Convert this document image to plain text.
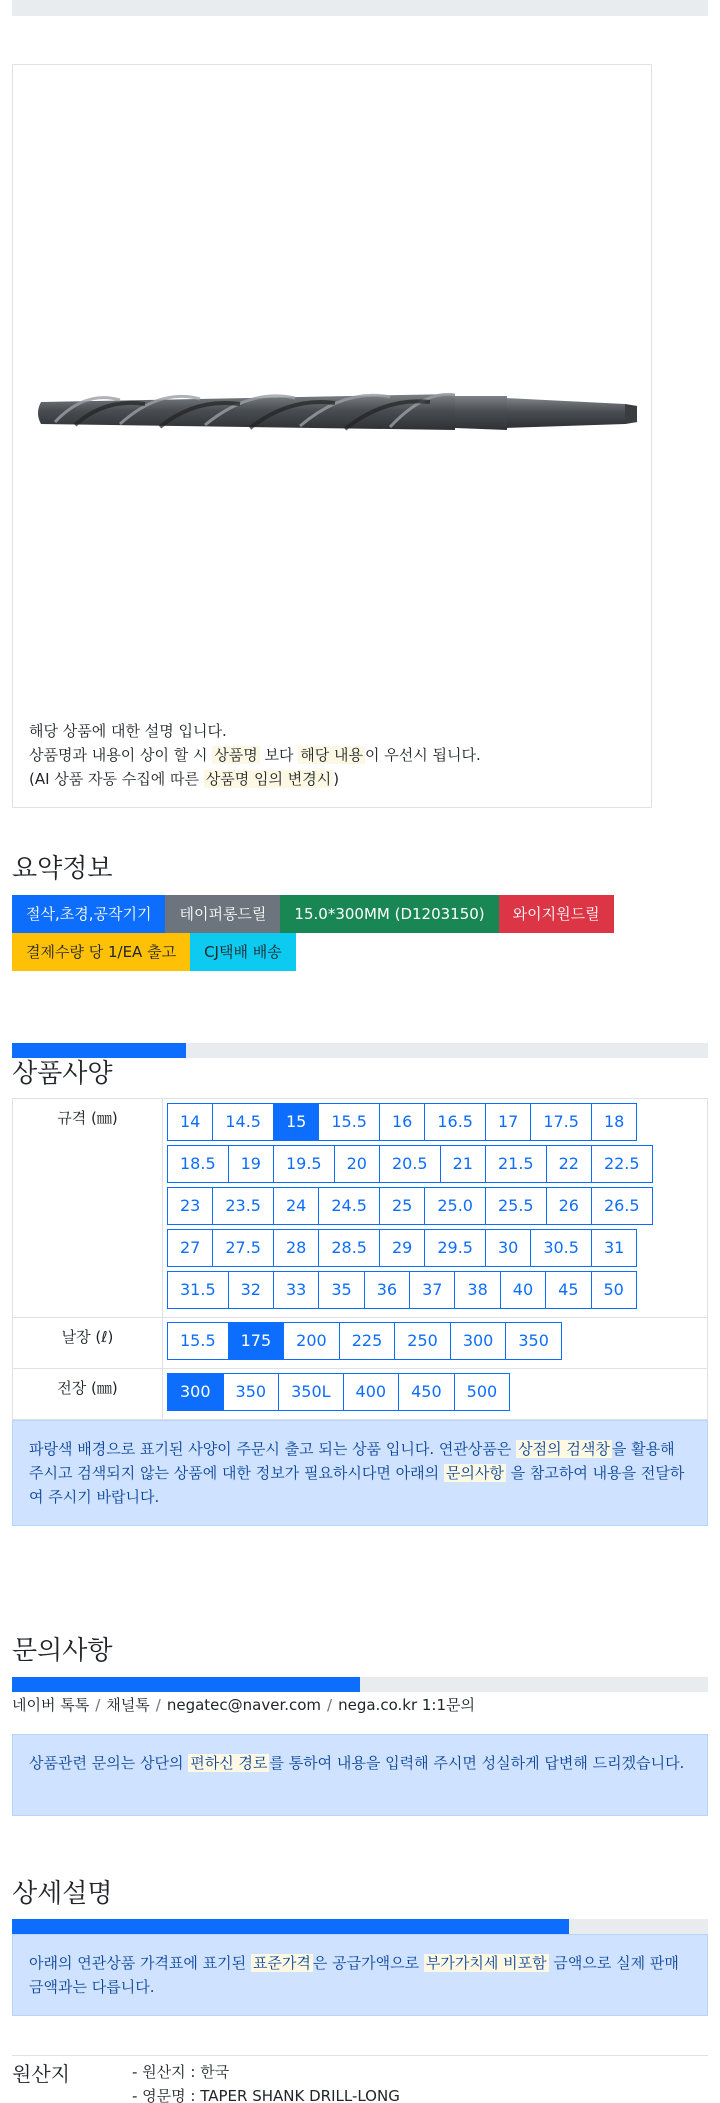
해당 상품에 대한 설명 입니다.
상품명과 내용이 상이 할 시 상품명 보다 해당 내용 이 우선시 됩니다.
(AI 상품 자동 수집에 따른 상품명 임의 변경시 )
요약정보
절삭,초경,공작기기	테이퍼롱드릴	15.0*300MM (D1203150)	와이지원드릴
결제수량 당 1/EA 출고	CJ택배 배송
상품사양
규격 (㎜)	14	14.5	15	15.5	16	16.5	17	17.5	18
18.5	19	19.5	20	20.5	21	21.5	22	22.5
23	23.5	24	24.5	25	25.0	25.5	26	26.5
27	27.5	28	28.5	29	29.5	30	30.5	31
31.5	32	33	35	36	37	38	40	45	50
날장 (ℓ)	15.5	175	200	225	250	300	350
전장 (㎜)	300	350	350L	400	450	500
파랑색 배경으로 표기된 사양이 주문시 출고 되는 상품 입니다. 연관상품은 상점의 검색창 을 활용해 주시고 검색되지 않는 상품에 대한 정보가 필요하시다면 아래의 문의사항 을 참고하여 내용을 전달하여 주시기 바랍니다.
문의사항
네이버 톡톡 / 채널톡 / negatec@naver.com / nega.co.kr 1:1문의
상품관련 문의는 상단의 편하신 경로 를 통하여 내용을 입력해 주시면 성실하게 답변해 드리겠습니다.
상세설명
아래의 연관상품 가격표에 표기된 표준가격 은 공급가액으로 부가가치세 비포함 금액으로 실제 판매금액과는 다릅니다.
원산지	- 원산지 : 한국
- 영문명 : TAPER SHANK DRILL-LONG
